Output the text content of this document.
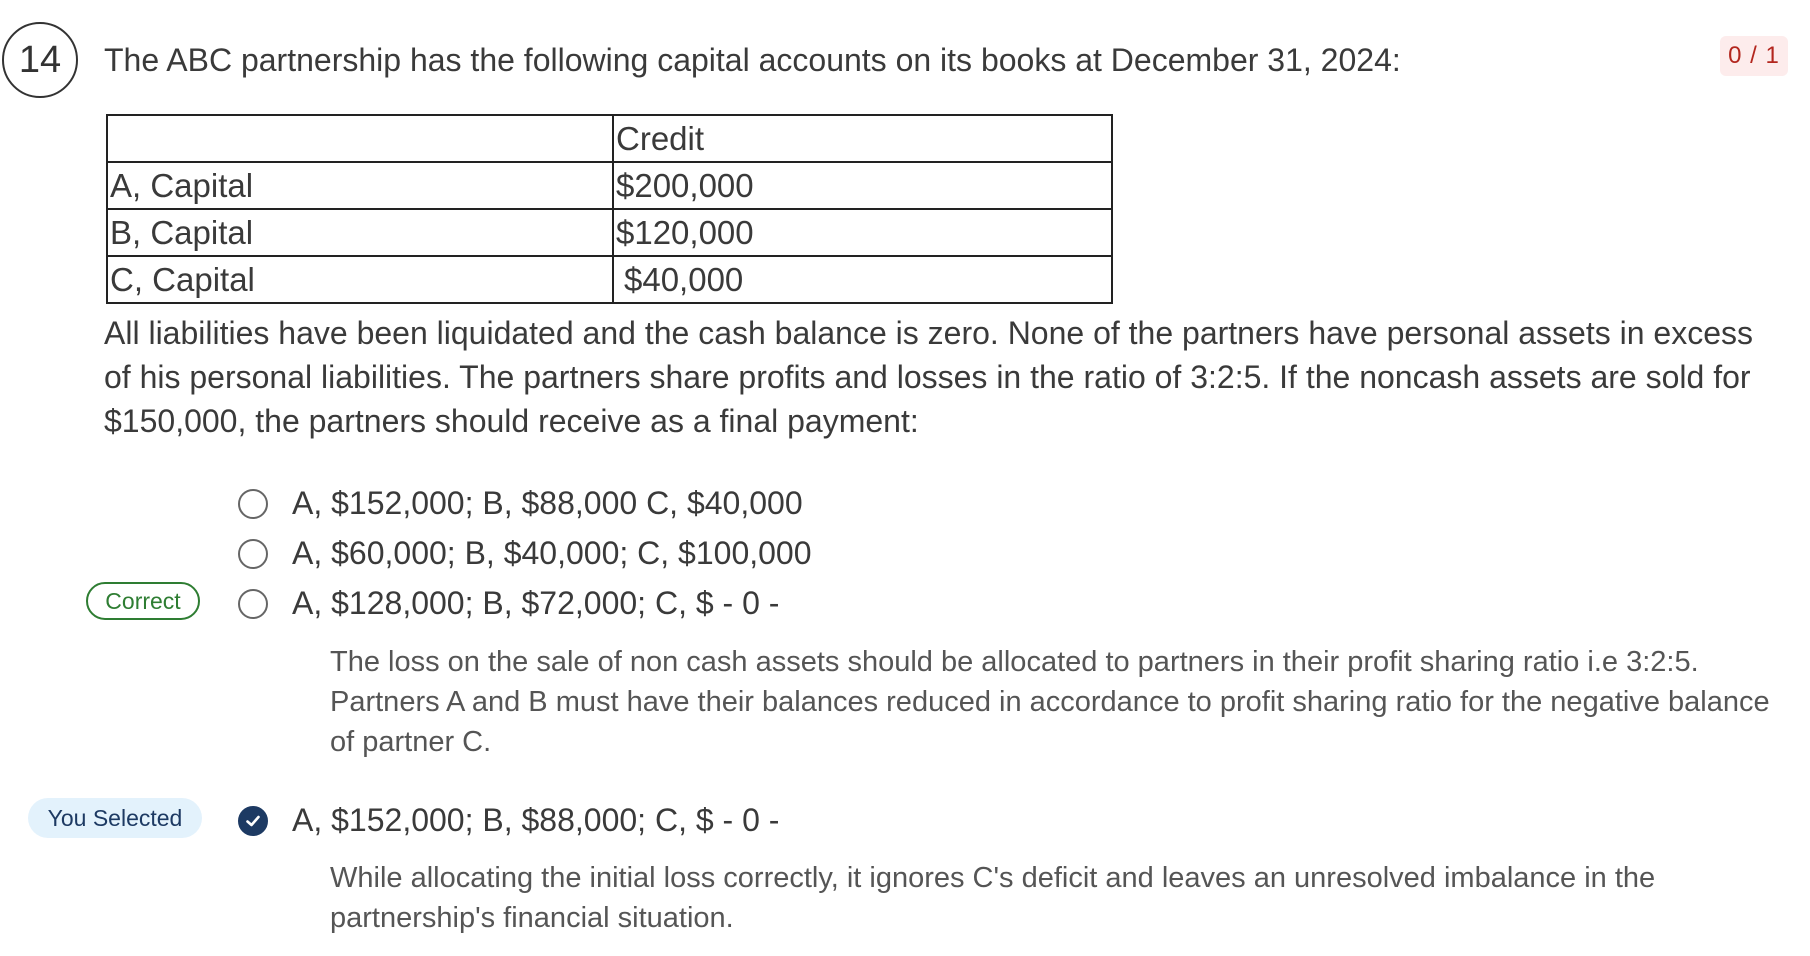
14	0 / 1
The ABC partnership has the following capital accounts on its books at December 31, 2024:
	Credit
A, Capital	$200,000
B, Capital	$120,000
C, Capital	$40,000
All liabilities have been liquidated and the cash balance is zero. None of the partners have personal assets in excess of his personal liabilities. The partners share profits and losses in the ratio of 3:2:5. If the noncash assets are sold for $150,000, the partners should receive as a final payment:
A, $152,000; B, $88,000 C, $40,000
A, $60,000; B, $40,000; C, $100,000
Correct	A, $128,000; B, $72,000; C, $ - 0 -
The loss on the sale of non cash assets should be allocated to partners in their profit sharing ratio i.e 3:2:5. Partners A and B must have their balances reduced in accordance to profit sharing ratio for the negative balance of partner C.
You Selected	A, $152,000; B, $88,000; C, $ - 0 -
While allocating the initial loss correctly, it ignores C's deficit and leaves an unresolved imbalance in the partnership's financial situation.
